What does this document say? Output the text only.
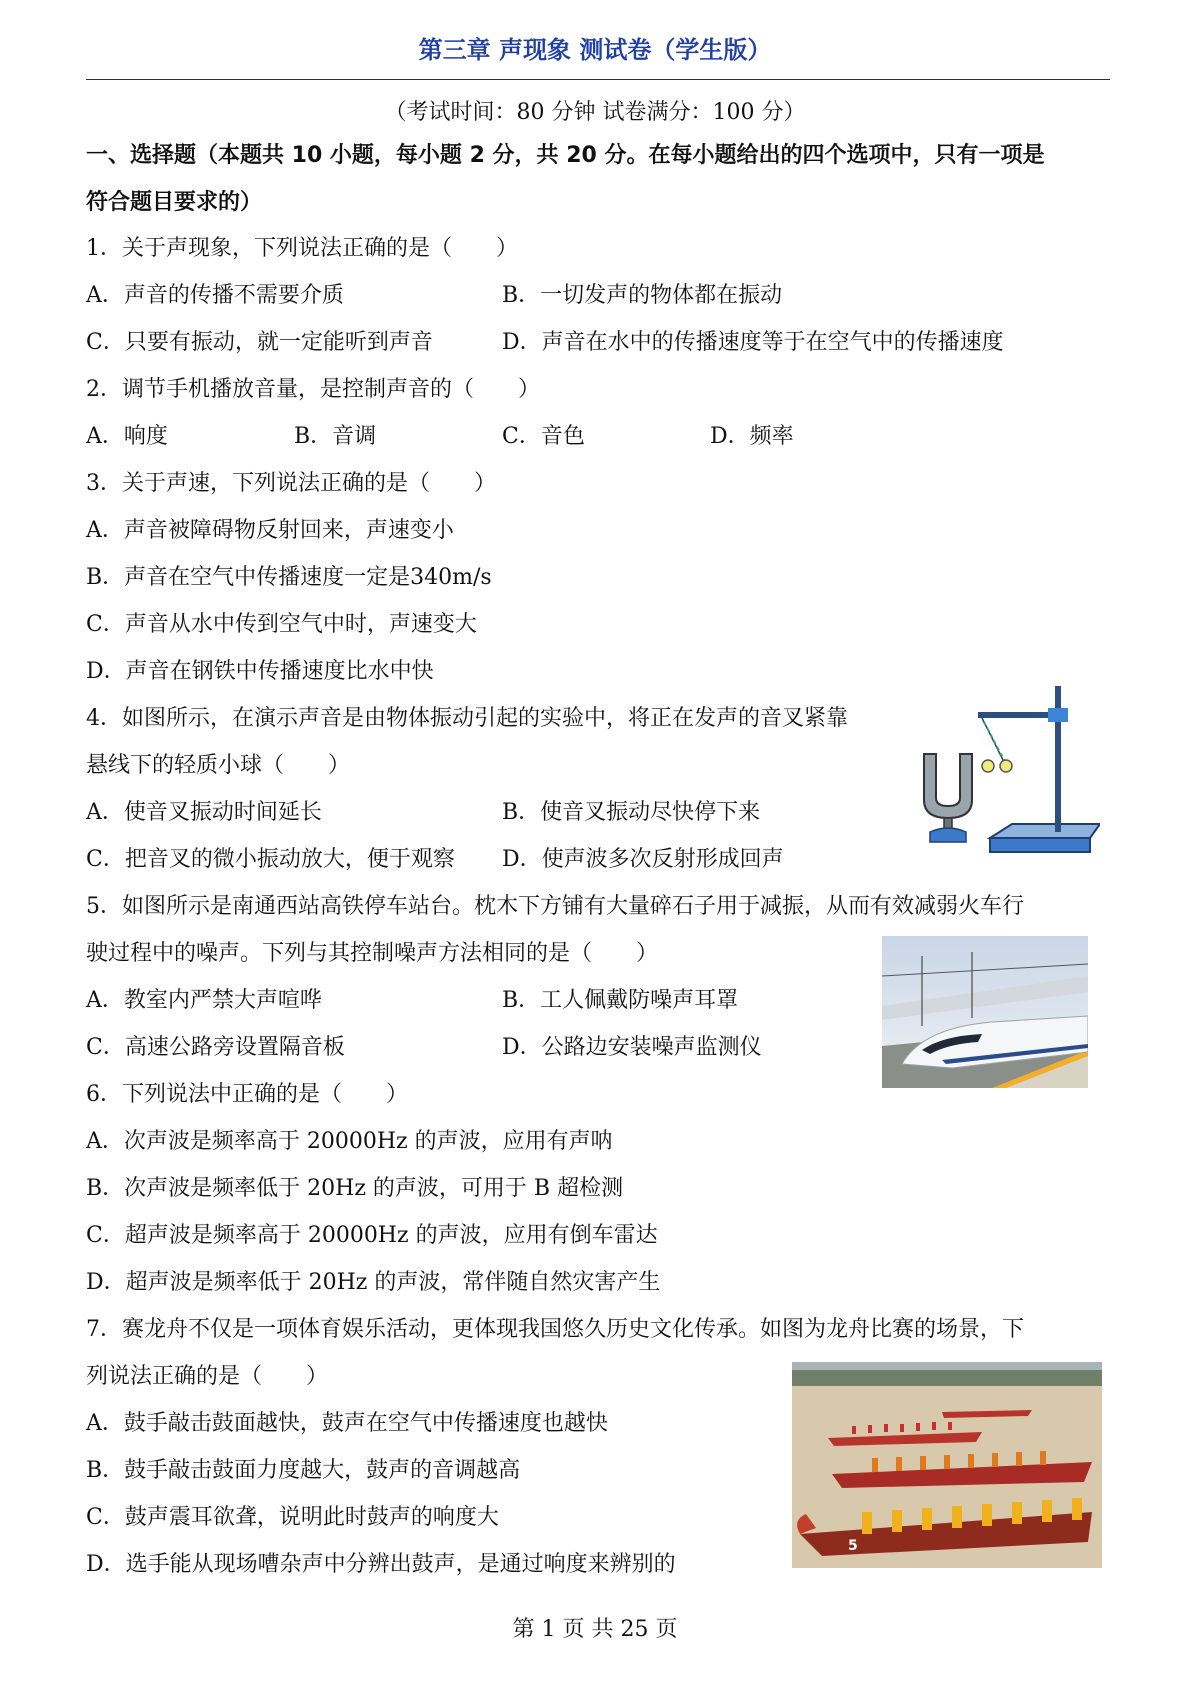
第三章 声现象 测试卷（学生版）
（考试时间：80 分钟 试卷满分：100 分）
一、选择题（本题共 10 小题，每小题 2 分，共 20 分。在每小题给出的四个选项中，只有一项是
符合题目要求的）
1．关于声现象，下列说法正确的是（　　）
A．声音的传播不需要介质	B．一切发声的物体都在振动
C．只要有振动，就一定能听到声音	D．声音在水中的传播速度等于在空气中的传播速度
2．调节手机播放音量，是控制声音的（　　）
A．响度	B．音调	C．音色	D．频率
3．关于声速，下列说法正确的是（　　）
A．声音被障碍物反射回来，声速变小
B．声音在空气中传播速度一定是340m/s
C．声音从水中传到空气中时，声速变大
D．声音在钢铁中传播速度比水中快
4．如图所示，在演示声音是由物体振动引起的实验中，将正在发声的音叉紧靠
悬线下的轻质小球（　　）
A．使音叉振动时间延长	B．使音叉振动尽快停下来
C．把音叉的微小振动放大，便于观察 D．使声波多次反射形成回声
5．如图所示是南通西站高铁停车站台。枕木下方铺有大量碎石子用于减振，从而有效减弱火车行
驶过程中的噪声。下列与其控制噪声方法相同的是（　　）
A．教室内严禁大声喧哗	B．工人佩戴防噪声耳罩
C．高速公路旁设置隔音板	D．公路边安装噪声监测仪
6．下列说法中正确的是（　　）
A．次声波是频率高于 20000Hz 的声波，应用有声呐
B．次声波是频率低于 20Hz 的声波，可用于 B 超检测
C．超声波是频率高于 20000Hz 的声波，应用有倒车雷达
D．超声波是频率低于 20Hz 的声波，常伴随自然灾害产生
7．赛龙舟不仅是一项体育娱乐活动，更体现我国悠久历史文化传承。如图为龙舟比赛的场景，下
列说法正确的是（　　）
A．鼓手敲击鼓面越快，鼓声在空气中传播速度也越快
B．鼓手敲击鼓面力度越大，鼓声的音调越高
C．鼓声震耳欲聋，说明此时鼓声的响度大
D．选手能从现场嘈杂声中分辨出鼓声，是通过响度来辨别的
5
第 1 页 共 25 页
